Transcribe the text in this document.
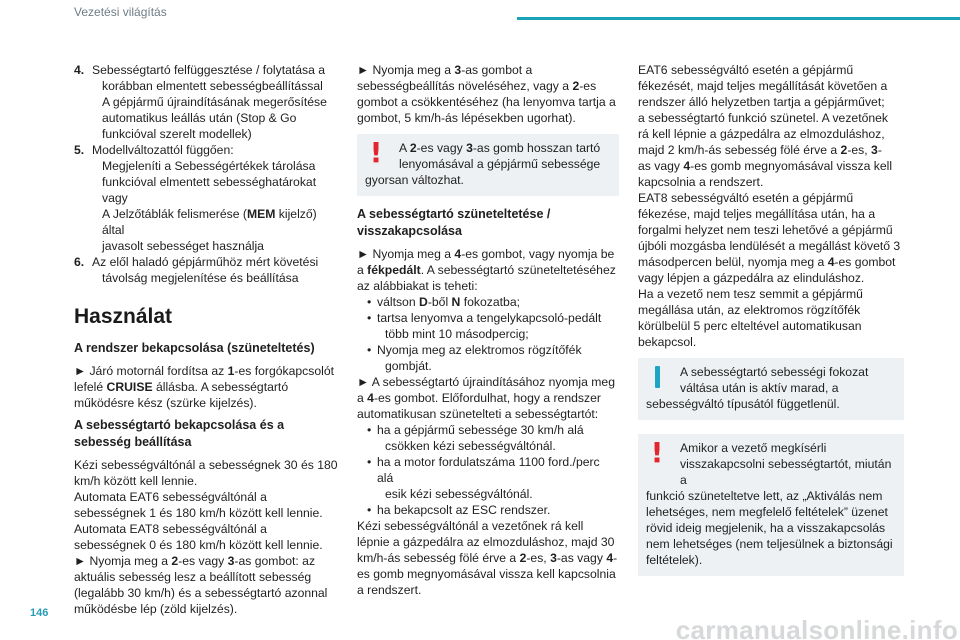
Vezetési világítás
4. Sebességtartó felfüggesztése / folytatása a
korábban elmentett sebességbeállítással
A gépjármű újraindításának megerősítése
automatikus leállás után (Stop & Go
funkcióval szerelt modellek)
5. Modellváltozattól függően:
Megjeleníti a Sebességértékek tárolása
funkcióval elmentett sebességhatárokat
vagy
A Jelzőtáblák felismerése (MEM kijelző) által
javasolt sebességet használja
6. Az elől haladó gépjárműhöz mért követési
távolság megjelenítése és beállítása
Használat
A rendszer bekapcsolása (szüneteltetés)
► Járó motornál fordítsa az 1-es forgókapcsolót
lefelé CRUISE állásba. A sebességtartó
működésre kész (szürke kijelzés).
A sebességtartó bekapcsolása és a
sebesség beállítása
Kézi sebességváltónál a sebességnek 30 és 180
km/h között kell lennie.
Automata EAT6 sebességváltónál a
sebességnek 1 és 180 km/h között kell lennie.
Automata EAT8 sebességváltónál a
sebességnek 0 és 180 km/h között kell lennie.
► Nyomja meg a 2-es vagy 3-as gombot: az
aktuális sebesség lesz a beállított sebesség
(legalább 30 km/h) és a sebességtartó azonnal
működésbe lép (zöld kijelzés).
► Nyomja meg a 3-as gombot a
sebességbeállítás növeléséhez, vagy a 2-es
gombot a csökkentéséhez (ha lenyomva tartja a
gombot, 5 km/h-ás lépésekben ugorhat).
!	A 2-es vagy 3-as gomb hosszan tartó
lenyomásával a gépjármű sebessége
gyorsan változhat.
A sebességtartó szüneteltetése /
visszakapcsolása
► Nyomja meg a 4-es gombot, vagy nyomja be
a fékpedált. A sebességtartó szüneteltetéséhez
az alábbiakat is teheti:
• váltson D-ből N fokozatba;
• tartsa lenyomva a tengelykapcsoló-pedált
több mint 10 másodpercig;
• Nyomja meg az elektromos rögzítőfék
gombját.
► A sebességtartó újraindításához nyomja meg
a 4-es gombot. Előfordulhat, hogy a rendszer
automatikusan szünetelteti a sebességtartót:
• ha a gépjármű sebessége 30 km/h alá
csökken kézi sebességváltónál.
• ha a motor fordulatszáma 1100 ford./perc alá
esik kézi sebességváltónál.
• ha bekapcsolt az ESC rendszer.
Kézi sebességváltónál a vezetőnek rá kell
lépnie a gázpedálra az elmozduláshoz, majd 30
km/h-ás sebesség fölé érve a 2-es, 3-as vagy 4-
es gomb megnyomásával vissza kell kapcsolnia
a rendszert.
EAT6 sebességváltó esetén a gépjármű
fékezését, majd teljes megállítását követően a
rendszer álló helyzetben tartja a gépjárművet;
a sebességtartó funkció szünetel. A vezetőnek
rá kell lépnie a gázpedálra az elmozduláshoz,
majd 2 km/h-ás sebesség fölé érve a 2-es, 3-
as vagy 4-es gomb megnyomásával vissza kell
kapcsolnia a rendszert.
EAT8 sebességváltó esetén a gépjármű
fékezése, majd teljes megállítása után, ha a
forgalmi helyzet nem teszi lehetővé a gépjármű
újbóli mozgásba lendülését a megállást követő 3
másodpercen belül, nyomja meg a 4-es gombot
vagy lépjen a gázpedálra az elinduláshoz.
Ha a vezető nem tesz semmit a gépjármű
megállása után, az elektromos rögzítőfék
körülbelül 5 perc elteltével automatikusan
bekapcsol.
A sebességtartó sebességi fokozat
váltása után is aktív marad, a
sebességváltó típusától függetlenül.
!	Amikor a vezető megkísérli
visszakapcsolni sebességtartót, miután a
funkció szüneteltetve lett, az „Aktiválás nem
lehetséges, nem megfelelő feltételek” üzenet
rövid ideig megjelenik, ha a visszakapcsolás
nem lehetséges (nem teljesülnek a biztonsági
feltételek).
146
carmanualsonline.info
